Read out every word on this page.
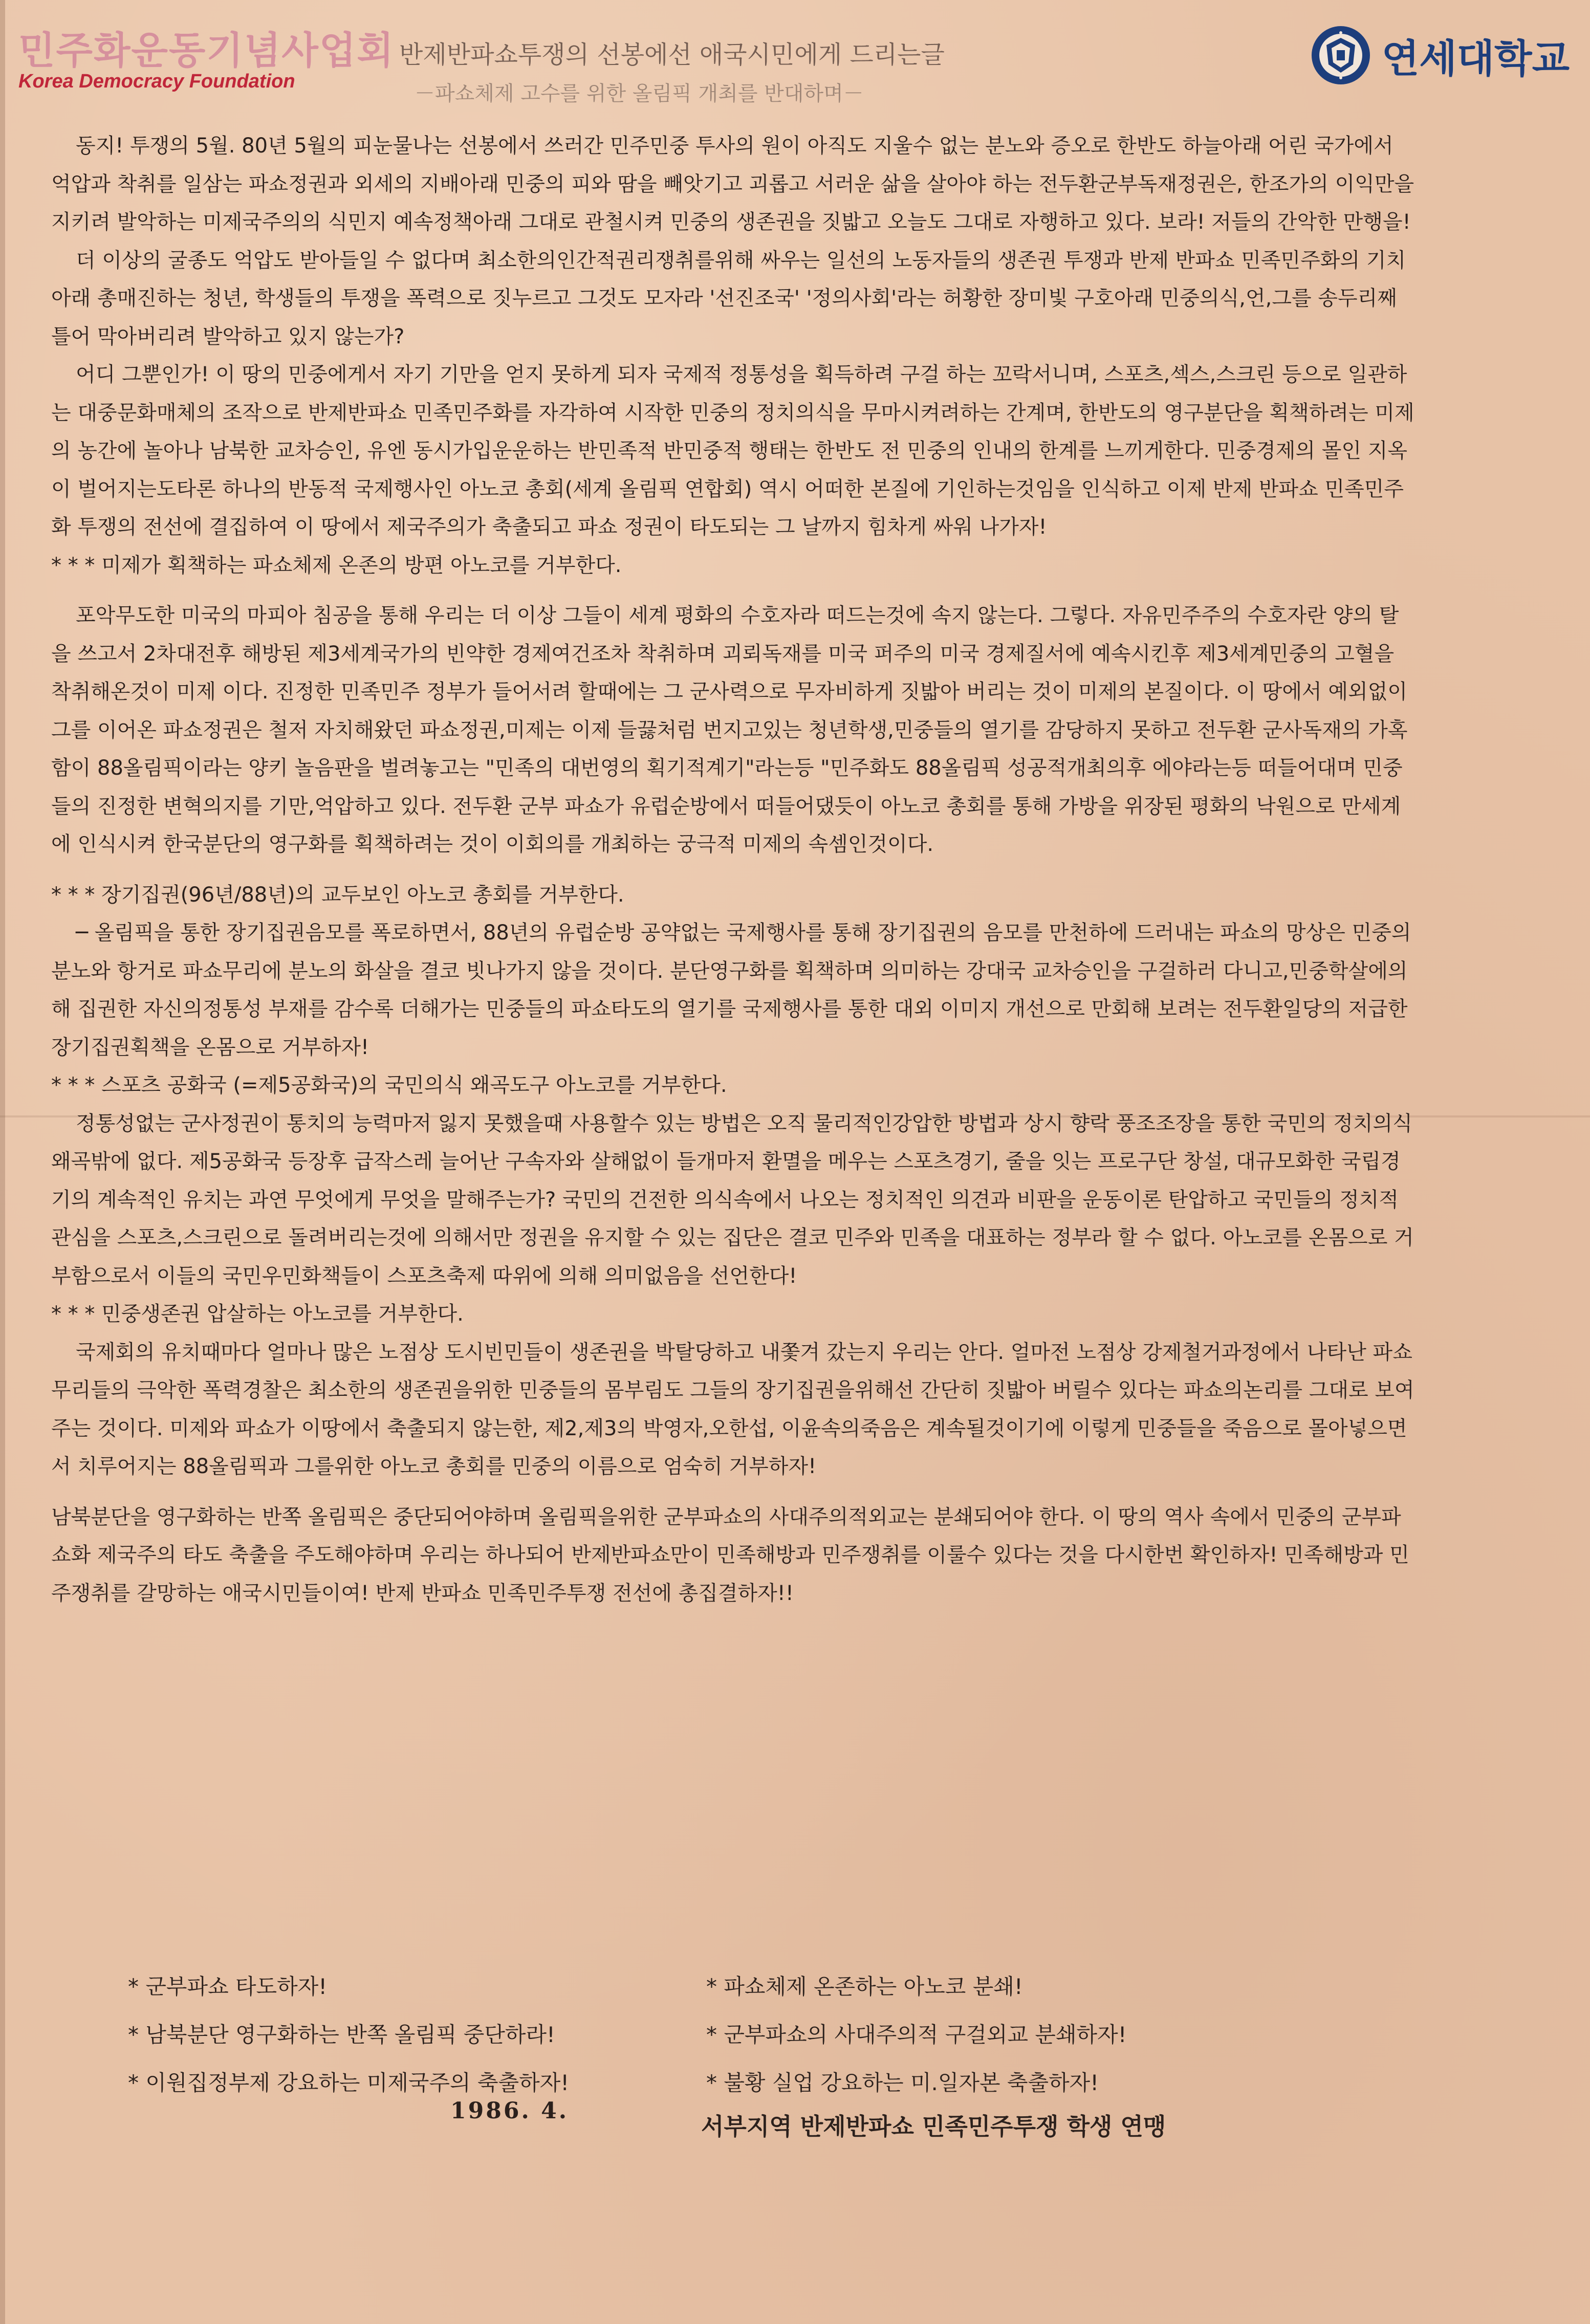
민주화운동기념사업회
Korea Democracy Foundation
연세대학교
반제반파쇼투쟁의 선봉에선 애국시민에게 드리는글
－파쇼체제 고수를 위한 올림픽 개최를 반대하며－

동지! 투쟁의 5월. 80년 5월의 피눈물나는 선봉에서 쓰러간 민주민중 투사의 원이 아직도 지울수 없는 분노와 증오로 한반도 하늘아래 어린 국가에서 억압과 착취를 일삼는 파쇼정권과 외세의 지배아래 민중의 피와 땀을 빼앗기고 괴롭고 서러운 삶을 살아야 하는 전두환군부독재정권은, 한조가의 이익만을 지키려 발악하는 미제국주의의 식민지 예속정책아래 그대로 관철시켜 민중의 생존권을 짓밟고 오늘도 그대로 자행하고 있다. 보라! 저들의 간악한 만행을!

더 이상의 굴종도 억압도 받아들일 수 없다며 최소한의인간적권리쟁취를위해 싸우는 일선의 노동자들의 생존권 투쟁과 반제 반파쇼 민족민주화의 기치아래 총매진하는 청년, 학생들의 투쟁을 폭력으로 짓누르고 그것도 모자라 '선진조국' '정의사회'라는 허황한 장미빛 구호아래 민중의식,언,그를 송두리째 틀어 막아버리려 발악하고 있지 않는가?

어디 그뿐인가! 이 땅의 민중에게서 자기 기만을 얻지 못하게 되자 국제적 정통성을 획득하려 구걸 하는 꼬락서니며, 스포츠,섹스,스크린 등으로 일관하는 대중문화매체의 조작으로 반제반파쇼 민족민주화를 자각하여 시작한 민중의 정치의식을 무마시켜려하는 간계며, 한반도의 영구분단을 획책하려는 미제의 농간에 놀아나 남북한 교차승인, 유엔 동시가입운운하는 반민족적 반민중적 행태는 한반도 전 민중의 인내의 한계를 느끼게한다. 민중경제의 몰인 지옥이 벌어지는도타론 하나의 반동적 국제행사인 아노코 총회(세계 올림픽 연합회) 역시 어떠한 본질에 기인하는것임을 인식하고 이제 반제 반파쇼 민족민주화 투쟁의 전선에 결집하여 이 땅에서 제국주의가 축출되고 파쇼 정권이 타도되는 그 날까지 힘차게 싸워 나가자!

* * * 미제가 획책하는 파쇼체제 온존의 방편 아노코를 거부한다.

포악무도한 미국의 마피아 침공을 통해 우리는 더 이상 그들이 세계 평화의 수호자라 떠드는것에 속지 않는다. 그렇다. 자유민주주의 수호자란 양의 탈을 쓰고서 2차대전후 해방된 제3세계국가의 빈약한 경제여건조차 착취하며 괴뢰독재를 미국 퍼주의 미국 경제질서에 예속시킨후 제3세계민중의 고혈을 착취해온것이 미제 이다. 진정한 민족민주 정부가 들어서려 할때에는 그 군사력으로 무자비하게 짓밟아 버리는 것이 미제의 본질이다. 이 땅에서 예외없이 그를 이어온 파쇼정권은 철저 자치해왔던 파쇼정권,미제는 이제 들끓처럼 번지고있는 청년학생,민중들의 열기를 감당하지 못하고 전두환 군사독재의 가혹함이 88올림픽이라는 양키 놀음판을 벌려놓고는 "민족의 대번영의 획기적계기"라는등 "민주화도 88올림픽 성공적개최의후 에야라는등 떠들어대며 민중들의 진정한 변혁의지를 기만,억압하고 있다. 전두환 군부 파쇼가 유럽순방에서 떠들어댔듯이 아노코 총회를 통해 가방을 위장된 평화의 낙원으로 만세계에 인식시켜 한국분단의 영구화를 획책하려는 것이 이회의를 개최하는 궁극적 미제의 속셈인것이다.

* * * 장기집권(96년/88년)의 교두보인 아노코 총회를 거부한다.

─ 올림픽을 통한 장기집권음모를 폭로하면서, 88년의 유럽순방 공약없는 국제행사를 통해 장기집권의 음모를 만천하에 드러내는 파쇼의 망상은 민중의 분노와 항거로 파쇼무리에 분노의 화살을 결코 빗나가지 않을 것이다. 분단영구화를 획책하며 의미하는 강대국 교차승인을 구걸하러 다니고,민중학살에의해 집권한 자신의정통성 부재를 감수록 더해가는 민중들의 파쇼타도의 열기를 국제행사를 통한 대외 이미지 개선으로 만회해 보려는 전두환일당의 저급한 장기집권획책을 온몸으로 거부하자!

* * * 스포츠 공화국 (=제5공화국)의 국민의식 왜곡도구 아노코를 거부한다.

정통성없는 군사정권이 통치의 능력마저 잃지 못했을때 사용할수 있는 방법은 오직 물리적인강압한 방법과 상시 향락 풍조조장을 통한 국민의 정치의식 왜곡밖에 없다. 제5공화국 등장후 급작스레 늘어난 구속자와 살해없이 들개마저 환멸을 메우는 스포츠경기, 줄을 잇는 프로구단 창설, 대규모화한 국립경기의 계속적인 유치는 과연 무엇에게 무엇을 말해주는가? 국민의 건전한 의식속에서 나오는 정치적인 의견과 비판을 운동이론 탄압하고 국민들의 정치적 관심을 스포츠,스크린으로 돌려버리는것에 의해서만 정권을 유지할 수 있는 집단은 결코 민주와 민족을 대표하는 정부라 할 수 없다. 아노코를 온몸으로 거부함으로서 이들의 국민우민화책들이 스포츠축제 따위에 의해 의미없음을 선언한다!

* * * 민중생존권 압살하는 아노코를 거부한다.

국제회의 유치때마다 얼마나 많은 노점상 도시빈민들이 생존권을 박탈당하고 내쫓겨 갔는지 우리는 안다. 얼마전 노점상 강제철거과정에서 나타난 파쇼무리들의 극악한 폭력경찰은 최소한의 생존권을위한 민중들의 몸부림도 그들의 장기집권을위해선 간단히 짓밟아 버릴수 있다는 파쇼의논리를 그대로 보여주는 것이다. 미제와 파쇼가 이땅에서 축출되지 않는한, 제2,제3의 박영자,오한섭, 이윤속의죽음은 계속될것이기에 이렇게 민중들을 죽음으로 몰아넣으면서 치루어지는 88올림픽과 그를위한 아노코 총회를 민중의 이름으로 엄숙히 거부하자!

남북분단을 영구화하는 반쪽 올림픽은 중단되어야하며 올림픽을위한 군부파쇼의 사대주의적외교는 분쇄되어야 한다. 이 땅의 역사 속에서 민중의 군부파쇼화 제국주의 타도 축출을 주도해야하며 우리는 하나되어 반제반파쇼만이 민족해방과 민주쟁취를 이룰수 있다는 것을 다시한번 확인하자! 민족해방과 민주쟁취를 갈망하는 애국시민들이여! 반제 반파쇼 민족민주투쟁 전선에 총집결하자!!

* 군부파쇼 타도하자!	* 파쇼체제 온존하는 아노코 분쇄!
* 남북분단 영구화하는 반쪽 올림픽 중단하라!	* 군부파쇼의 사대주의적 구걸외교 분쇄하자!
* 이원집정부제 강요하는 미제국주의 축출하자!	* 불황 실업 강요하는 미.일자본 축출하자!
1986. 4.
서부지역 반제반파쇼 민족민주투쟁 학생 연맹
